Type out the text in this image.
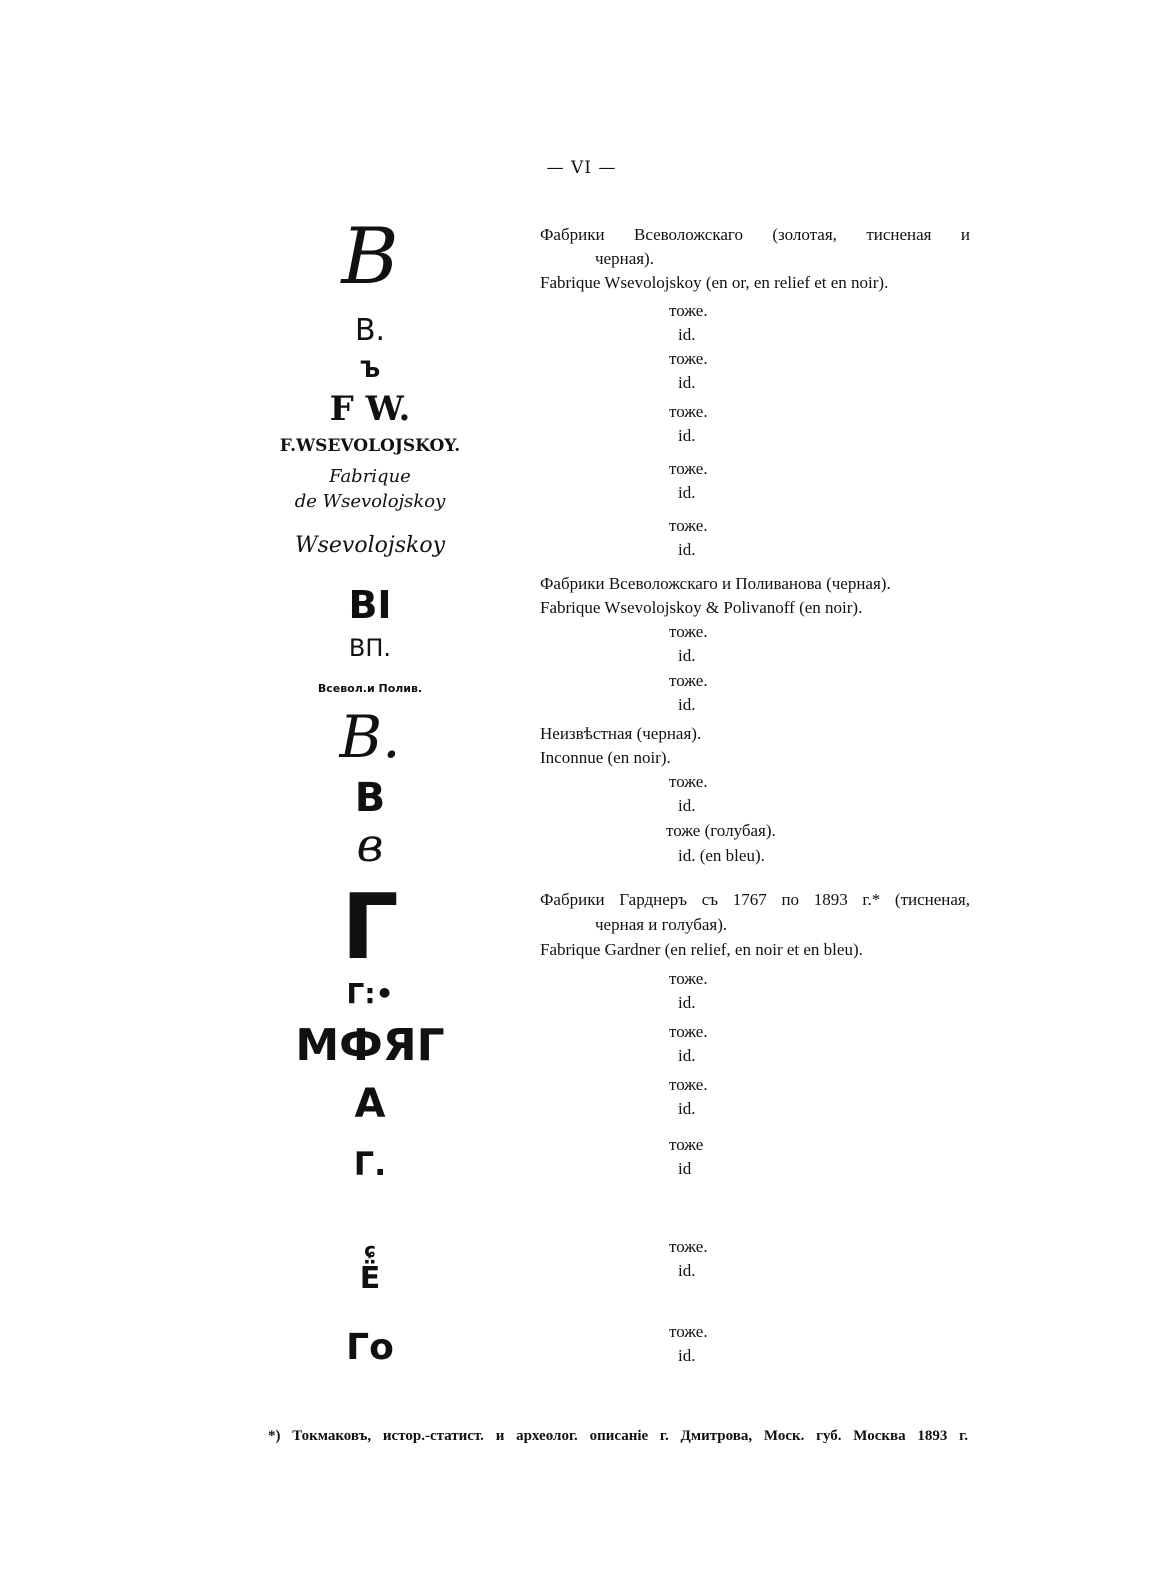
— VI —
В
B.
Ъ
F W.
F.WSEVOLOJSKOY.
Fabrique
de Wsevolojskoy
Wsevolojskoy
ВI
ВП.
Всевол.и Полив.
В.
B
в
Г
Г:•
МФЯГ
А
Г.
ɕ
Ё
Го
Фабрики Всеволожскаго (золотая, тисненая и
черная).
Fabrique Wsevolojskoy (en or, en relief et en noir).
тоже.
id.
тоже.
id.
тоже.
id.
тоже.
id.
тоже.
id.
Фабрики Всеволожскаго и Поливанова (черная).
Fabrique Wsevolojskoy & Polivanoff (en noir).
тоже.
id.
тоже.
id.
Неизвѣстная (черная).
Inconnue (en noir).
тоже.
id.
тоже (голубая).
id. (en bleu).
Фабрики Гарднеръ съ 1767 по 1893 г.* (тисненая,
черная и голубая).
Fabrique Gardner (en relief, en noir et en bleu).
тоже.
id.
тоже.
id.
тоже.
id.
тоже
id
тоже.
id.
тоже.
id.
*) Токмаковъ, истор.-статист. и археолог. описаніе г. Дмитрова, Моск. губ. Москва 1893 г.
